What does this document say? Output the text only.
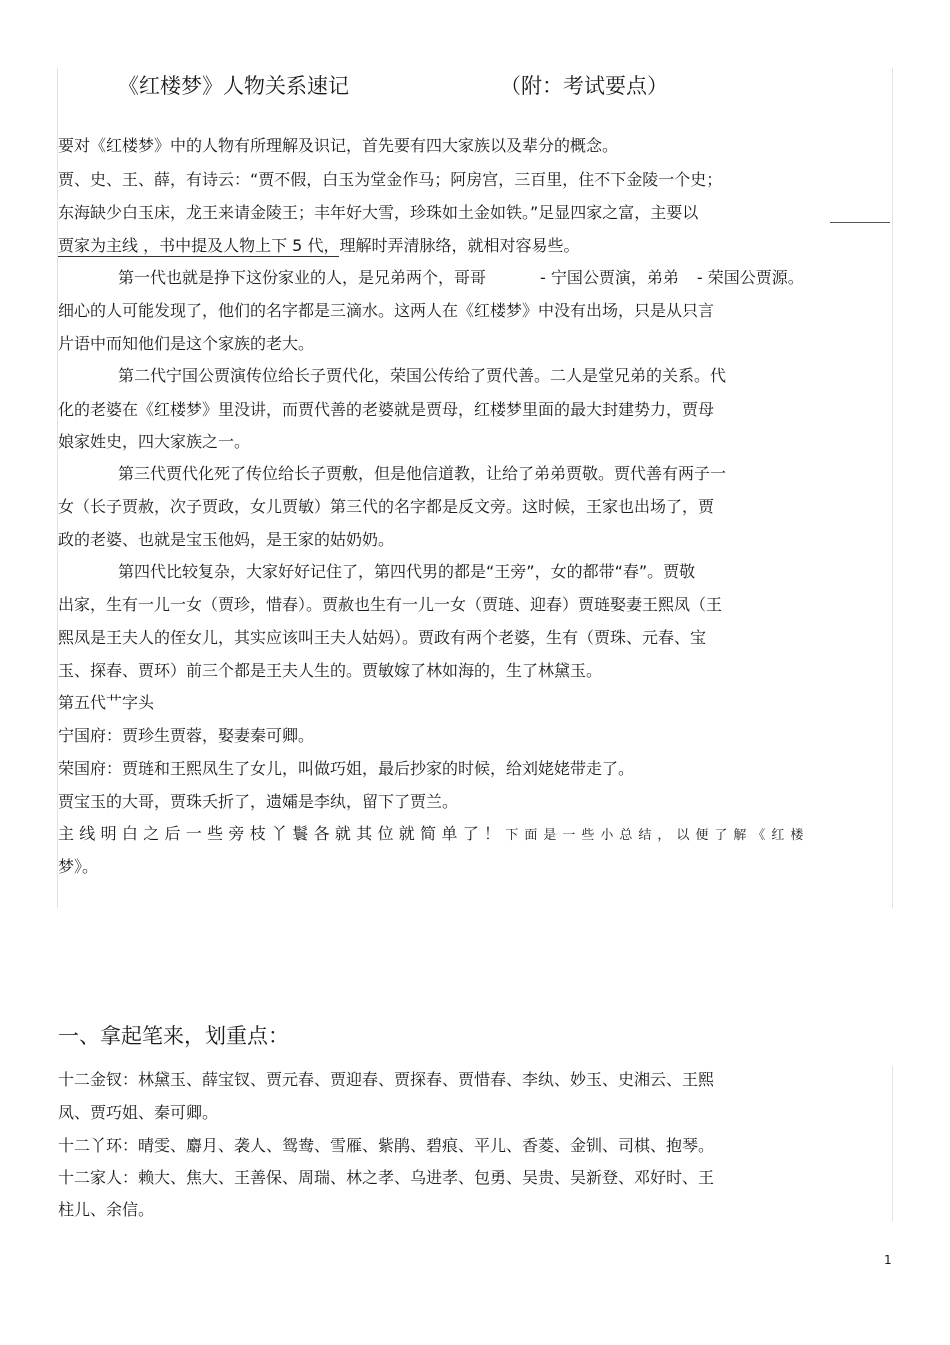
《红楼梦》人物关系速记	（附：考试要点）
要对《红楼梦》中的人物有所理解及识记，首先要有四大家族以及辈分的概念。
贾、史、王、薛，有诗云：“贾不假，白玉为堂金作马；阿房宫，三百里，住不下金陵一个史；
东海缺少白玉床，龙王来请金陵王；丰年好大雪，珍珠如土金如铁。”足显四家之富，主要以
贾家为主线 ，书中提及人物上下 5 代，理解时弄清脉络，就相对容易些。
第一代也就是挣下这份家业的人，是兄弟两个，哥哥	- 宁国公贾演，弟弟 - 荣国公贾源。
细心的人可能发现了，他们的名字都是三滴水。这两人在《红楼梦》中没有出场，只是从只言
片语中而知他们是这个家族的老大。
第二代宁国公贾演传位给长子贾代化，荣国公传给了贾代善。二人是堂兄弟的关系。代
化的老婆在《红楼梦》里没讲，而贾代善的老婆就是贾母，红楼梦里面的最大封建势力，贾母
娘家姓史，四大家族之一。
第三代贾代化死了传位给长子贾敷，但是他信道教，让给了弟弟贾敬。贾代善有两子一
女（长子贾赦，次子贾政，女儿贾敏）第三代的名字都是反文旁。这时候，王家也出场了，贾
政的老婆、也就是宝玉他妈，是王家的姑奶奶。
第四代比较复杂，大家好好记住了，第四代男的都是“王旁”，女的都带“春”。贾敬
出家，生有一儿一女（贾珍，惜春）。贾赦也生有一儿一女（贾琏、迎春）贾琏娶妻王熙凤（王
熙凤是王夫人的侄女儿，其实应该叫王夫人姑妈）。贾政有两个老婆，生有（贾珠、元春、宝
玉、探春、贾环）前三个都是王夫人生的。贾敏嫁了林如海的，生了林黛玉。
第五代艹字头
宁国府：贾珍生贾蓉，娶妻秦可卿。
荣国府：贾琏和王熙凤生了女儿，叫做巧姐，最后抄家的时候，给刘姥姥带走了。
贾宝玉的大哥，贾珠夭折了，遗孀是李纨，留下了贾兰。
主线明白之后一些旁枝丫鬟各就其位就简单了！下面是一些小总结，以便了解《红楼
梦》。
一、拿起笔来，划重点：
十二金钗：林黛玉、薛宝钗、贾元春、贾迎春、贾探春、贾惜春、李纨、妙玉、史湘云、王熙
凤、贾巧姐、秦可卿。
十二丫环：晴雯、麝月、袭人、鸳鸯、雪雁、紫鹃、碧痕、平儿、香菱、金钏、司棋、抱琴。
十二家人：赖大、焦大、王善保、周瑞、林之孝、乌进孝、包勇、吴贵、吴新登、邓好时、王
柱儿、余信。
1
